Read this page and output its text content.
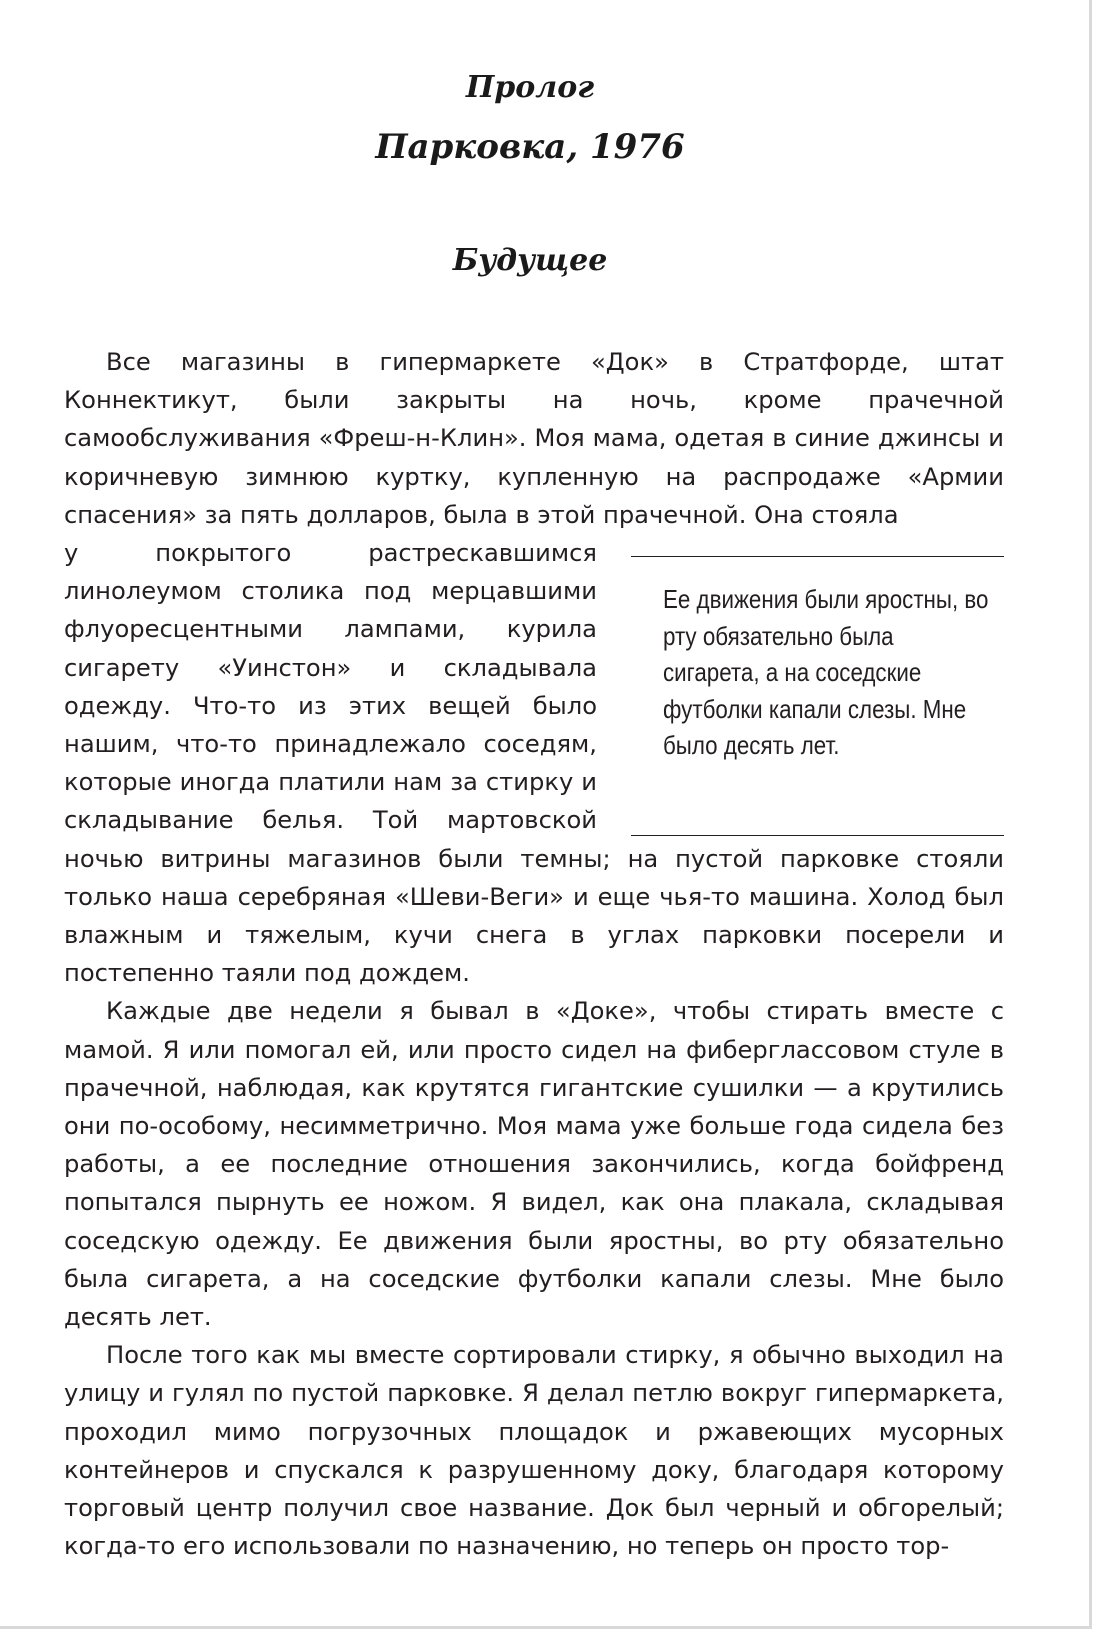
Пролог
Парковка, 1976
Будущее

Все магазины в гипермаркете «Док» в Стратфорде, штат Коннектикут, были закрыты на ночь, кроме прачечной самообслуживания «Фреш-н-Клин». Моя мама, одетая в синие джинсы и коричневую зимнюю куртку, купленную на распродаже «Армии спасения» за пять долларов, была в этой прачечной. Она стояла

Ее движения были яростны, во рту обязательно была сигарета, а на соседские футболки капали слезы. Мне было десять лет.
у покрытого растрескавшимся линолеумом столика под мерцавшими флуоресцентными лампами, курила сигарету «Уинстон» и складывала одежду. Что-то из этих вещей было нашим, что-то принадлежало соседям, которые иногда платили нам за стирку и складывание белья. Той мартовской ночью витрины магазинов были темны; на пустой парковке стояли только наша серебряная «Шеви-Веги» и еще чья-то машина. Холод был влажным и тяжелым, кучи снега в углах парковки посерели и постепенно таяли под дождем.

Каждые две недели я бывал в «Доке», чтобы стирать вместе с мамой. Я или помогал ей, или просто сидел на фиберглассовом стуле в прачечной, наблюдая, как крутятся гигантские сушилки — а крутились они по-особому, несимметрично. Моя мама уже больше года сидела без работы, а ее последние отношения закончились, когда бойфренд попытался пырнуть ее ножом. Я видел, как она плакала, складывая соседскую одежду. Ее движения были яростны, во рту обязательно была сигарета, а на соседские футболки капали слезы. Мне было десять лет.

После того как мы вместе сортировали стирку, я обычно выходил на улицу и гулял по пустой парковке. Я делал петлю вокруг гипермаркета, проходил мимо погрузочных площадок и ржавеющих мусорных контейнеров и спускался к разрушенному доку, благодаря которому торговый центр получил свое название. Док был черный и обгорелый; когда-то его использовали по назначению, но теперь он просто тор-
